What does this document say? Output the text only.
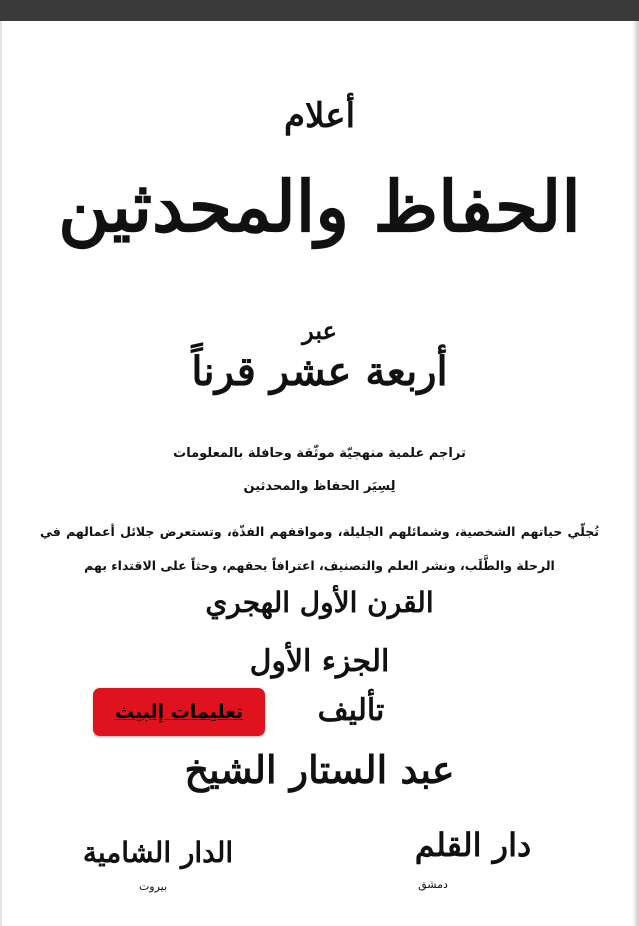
أعلام
الحفاظ والمحدثين
عبر
أربعة عشر قرناً
تراجم علمية منهجيّة موثّقة وحافلة بالمعلومات
لِسِيَر الحفاظ والمحدثين
تُجلّي حياتهم الشخصية، وشمائلهم الجليلة، ومواقفهم الفذّة، وتستعرض جلائل أعمالهم في الرحلة والطَّلَب، ونشر العلم والتصنيف، اعترافاً بحقهم، وحثاً على الاقتداء بهم
القرن الأول الهجري
الجزء الأول
تأليف
تعليمات إلبيث
عبد الستار الشيخ
دار القلم
دمشق
الدار الشامية
بيروت
